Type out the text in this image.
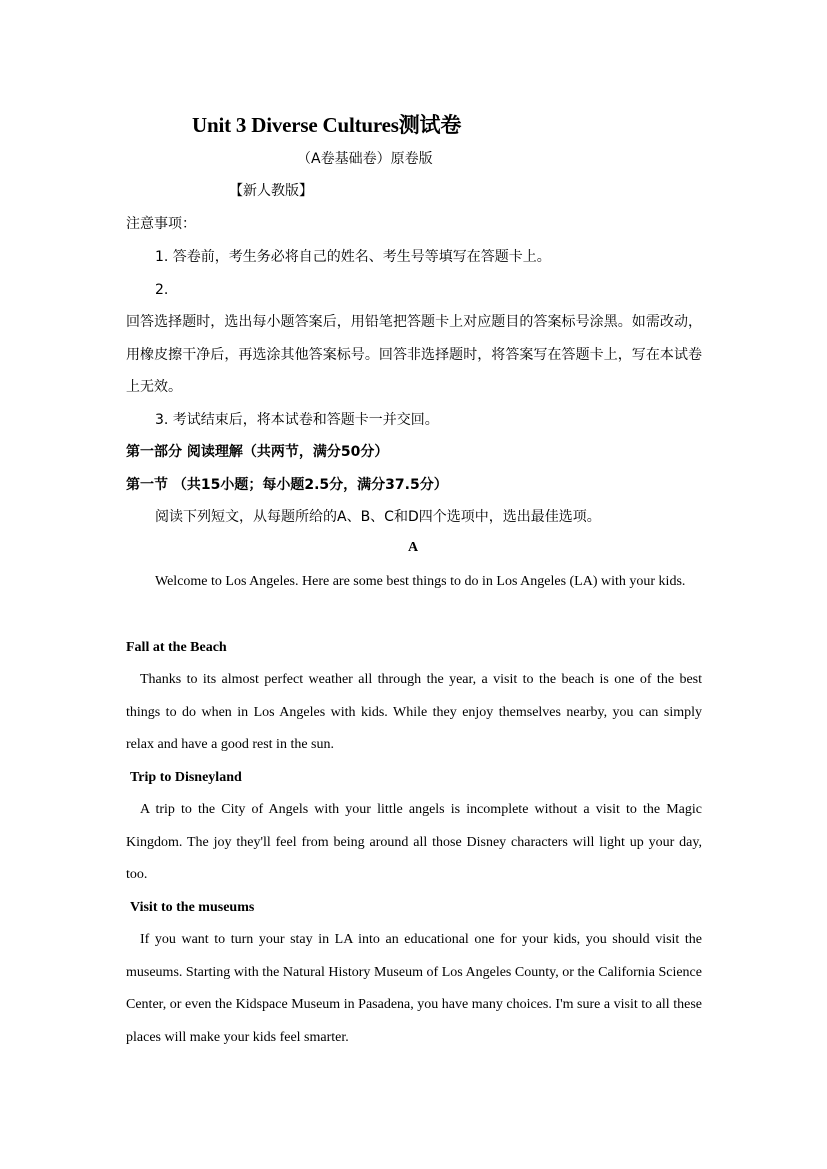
Unit 3 Diverse Cultures测试卷
（A卷基础卷）原卷版
【新人教版】
注意事项：
1. 答卷前，考生务必将自己的姓名、考生号等填写在答题卡上。
2.
回答选择题时，选出每小题答案后，用铅笔把答题卡上对应题目的答案标号涂黑。如需改动，用橡皮擦干净后，再选涂其他答案标号。回答非选择题时，将答案写在答题卡上，写在本试卷上无效。
3. 考试结束后，将本试卷和答题卡一并交回。
第一部分 阅读理解（共两节，满分50分）
第一节 （共15小题；每小题2.5分，满分37.5分）
阅读下列短文，从每题所给的A、B、C和D四个选项中，选出最佳选项。
A
Welcome to Los Angeles. Here are some best things to do in Los Angeles (LA) with your kids.
Fall at the Beach
Thanks to its almost perfect weather all through the year, a visit to the beach is one of the best things to do when in Los Angeles with kids. While they enjoy themselves nearby, you can simply relax and have a good rest in the sun.
Trip to Disneyland
A trip to the City of Angels with your little angels is incomplete without a visit to the Magic Kingdom. The joy they'll feel from being around all those Disney characters will light up your day, too.
Visit to the museums
If you want to turn your stay in LA into an educational one for your kids, you should visit the museums. Starting with the Natural History Museum of Los Angeles County, or the California Science Center, or even the Kidspace Museum in Pasadena, you have many choices. I'm sure a visit to all these places will make your kids feel smarter.
